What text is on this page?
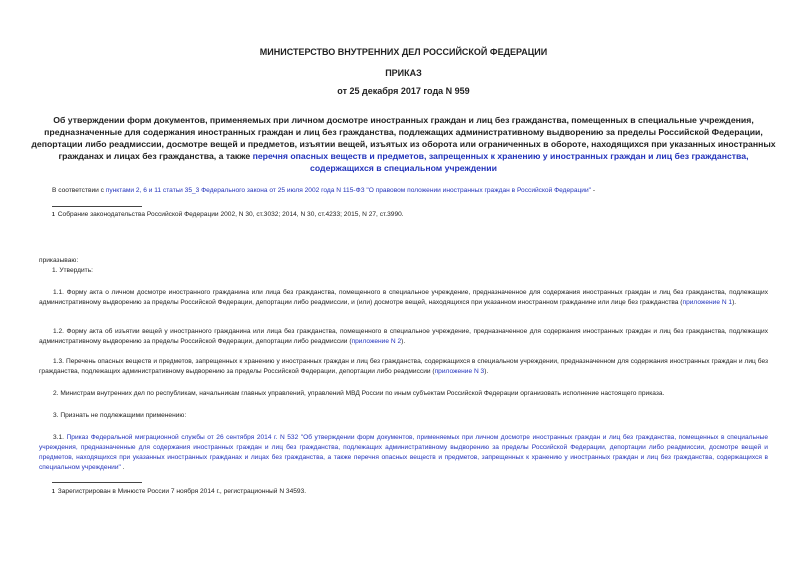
МИНИСТЕРСТВО ВНУТРЕННИХ ДЕЛ РОССИЙСКОЙ ФЕДЕРАЦИИ
ПРИКАЗ
от 25 декабря 2017 года N 959
Об утверждении форм документов, применяемых при личном досмотре иностранных граждан и лиц без гражданства, помещенных в специальные учреждения, предназначенные для содержания иностранных граждан и лиц без гражданства, подлежащих административному выдворению за пределы Российской Федерации, депортации либо реадмиссии, досмотре вещей и предметов, изъятии вещей, изъятых из оборота или ограниченных в обороте, находящихся при указанных иностранных гражданах и лицах без гражданства, а также перечня опасных веществ и предметов, запрещенных к хранению у иностранных граждан и лиц без гражданства, содержащихся в специальном учреждении
В соответствии с пунктами 2, 6 и 11 статьи 35_3 Федерального закона от 25 июля 2002 года N 115-ФЗ "О правовом положении иностранных граждан в Российской Федерации" -
1 Собрание законодательства Российской Федерации 2002, N 30, ст.3032; 2014, N 30, ст.4233; 2015, N 27, ст.3990.
приказываю:
1. Утвердить:
1.1. Форму акта о личном досмотре иностранного гражданина или лица без гражданства, помещенного в специальное учреждение, предназначенное для содержания иностранных граждан и лиц без гражданства, подлежащих административному выдворению за пределы Российской Федерации, депортации либо реадмиссии, и (или) досмотре вещей, находящихся при указанном иностранном гражданине или лице без гражданства (приложение N 1).
1.2. Форму акта об изъятии вещей у иностранного гражданина или лица без гражданства, помещенного в специальное учреждение, предназначенное для содержания иностранных граждан и лиц без гражданства, подлежащих административному выдворению за пределы Российской Федерации, депортации либо реадмиссии (приложение N 2).
1.3. Перечень опасных веществ и предметов, запрещенных к хранению у иностранных граждан и лиц без гражданства, содержащихся в специальном учреждении, предназначенном для содержания иностранных граждан и лиц без гражданства, подлежащих административному выдворению за пределы Российской Федерации, депортации либо реадмиссии (приложение N 3).
2. Министрам внутренних дел по республикам, начальникам главных управлений, управлений МВД России по иным субъектам Российской Федерации организовать исполнение настоящего приказа.
3. Признать не подлежащими применению:
3.1. Приказ Федеральной миграционной службы от 26 сентября 2014 г. N 532 "Об утверждении форм документов, применяемых при личном досмотре иностранных граждан и лиц без гражданства, помещенных в специальные учреждения, предназначенные для содержания иностранных граждан и лиц без гражданства, подлежащих административному выдворению за пределы Российской Федерации, депортации либо реадмиссии, досмотре вещей и предметов, находящихся при указанных иностранных гражданах и лицах без гражданства, а также перечня опасных веществ и предметов, запрещенных к хранению у иностранных граждан и лиц без гражданства, содержащихся в специальном учреждении" .
1 Зарегистрирован в Минюсте России 7 ноября 2014 г., регистрационный N 34593.
